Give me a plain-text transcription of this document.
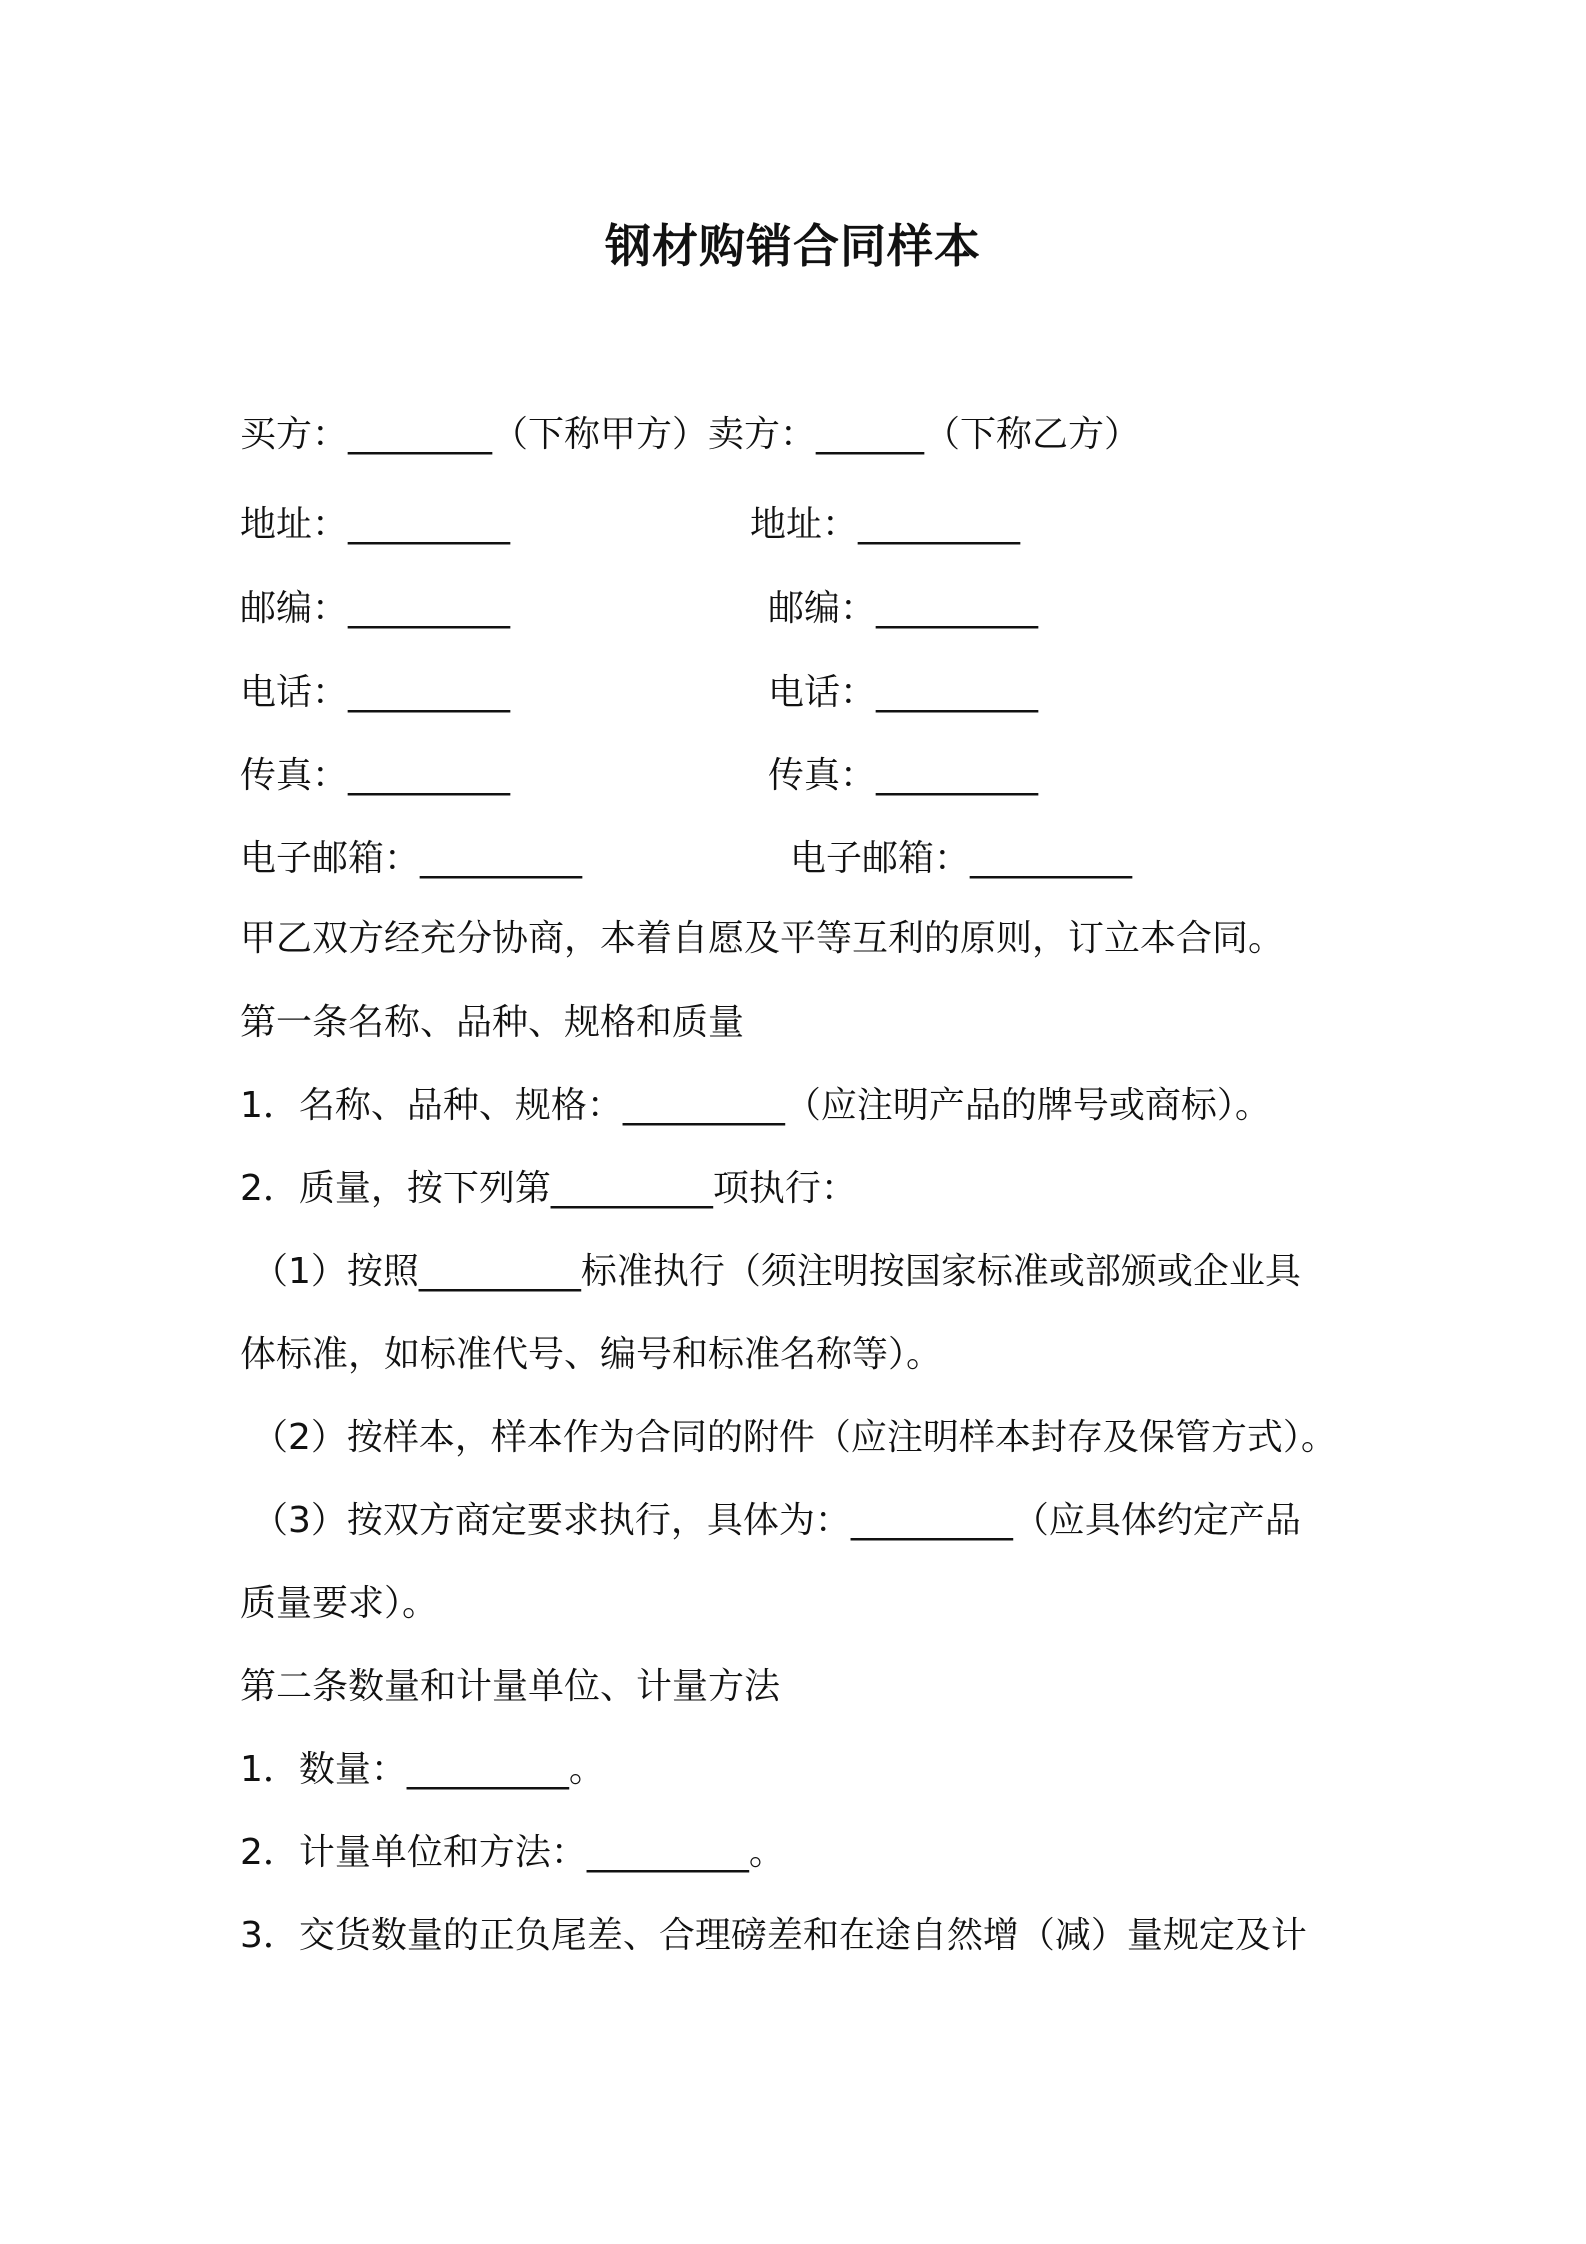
钢材购销合同样本
买方：________（下称甲方）卖方：______（下称乙方）
地址：_________	地址：_________
邮编：_________	邮编：_________
电话：_________	电话：_________
传真：_________	传真：_________
电子邮箱：_________	电子邮箱：_________
甲乙双方经充分协商，本着自愿及平等互利的原则，订立本合同。
第一条名称、品种、规格和质量
1．名称、品种、规格：_________（应注明产品的牌号或商标）。
2．质量，按下列第_________项执行：
（1）按照_________标准执行（须注明按国家标准或部颁或企业具
体标准，如标准代号、编号和标准名称等）。
（2）按样本，样本作为合同的附件（应注明样本封存及保管方式）。
（3）按双方商定要求执行，具体为：_________（应具体约定产品
质量要求）。
第二条数量和计量单位、计量方法
1．数量：_________。
2．计量单位和方法：_________。
3．交货数量的正负尾差、合理磅差和在途自然增（减）量规定及计
